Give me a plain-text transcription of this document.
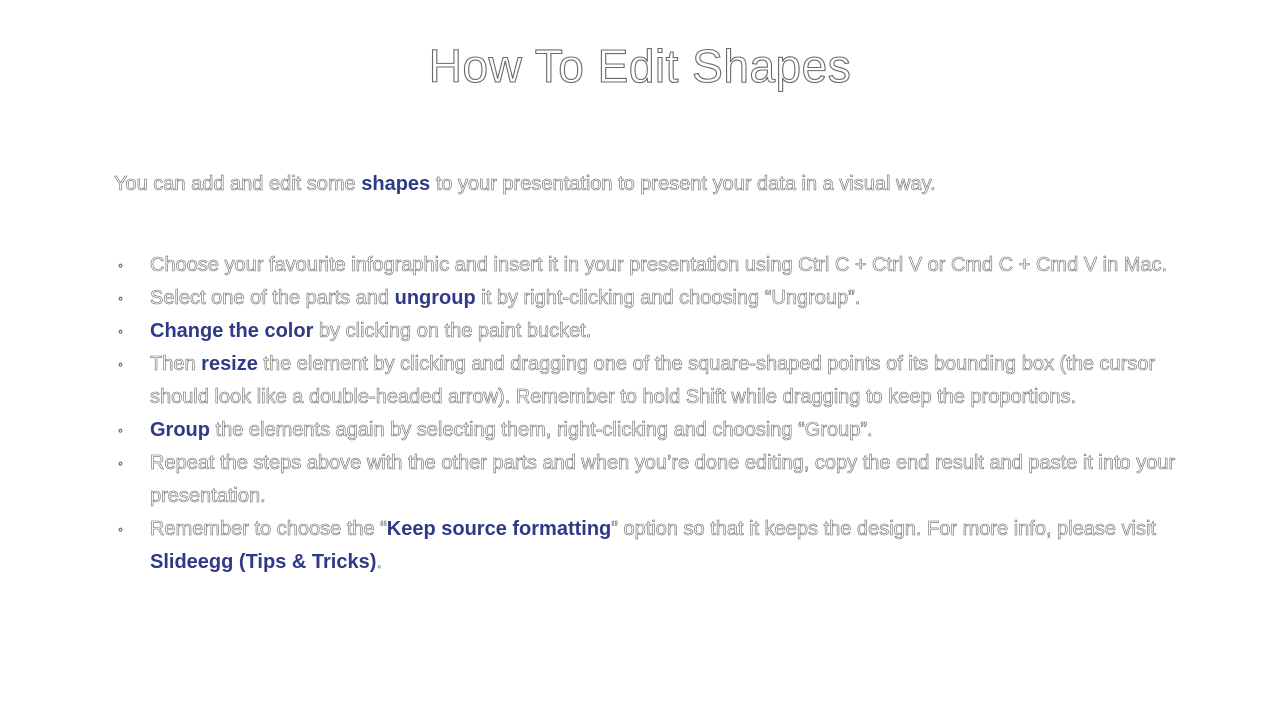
How To Edit Shapes

You can add and edit some shapes to your presentation to present your data in a visual way.

◦ Choose your favourite infographic and insert it in your presentation using Ctrl C + Ctrl V or Cmd C + Cmd V in Mac.
◦ Select one of the parts and ungroup it by right-clicking and choosing “Ungroup”.
◦ Change the color by clicking on the paint bucket.
◦ Then resize the element by clicking and dragging one of the square-shaped points of its bounding box (the cursor should look like a double-headed arrow). Remember to hold Shift while dragging to keep the proportions.
◦ Group the elements again by selecting them, right-clicking and choosing “Group”.
◦ Repeat the steps above with the other parts and when you’re done editing, copy the end result and paste it into your presentation.
◦ Remember to choose the “Keep source formatting” option so that it keeps the design. For more info, please visit Slideegg (Tips & Tricks).
